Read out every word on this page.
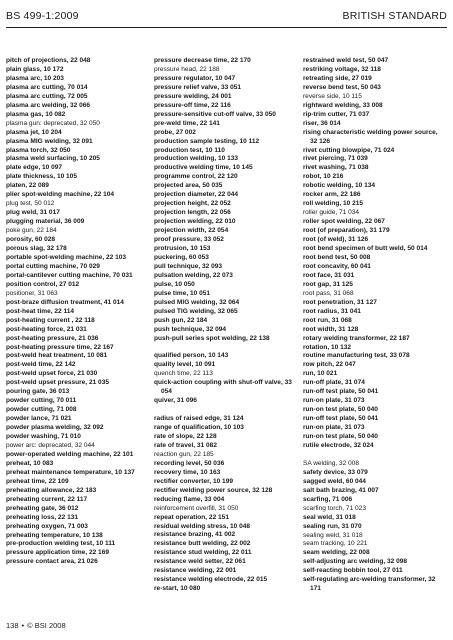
BS 499-1:2009	BRITISH STANDARD
pitch of projections, 22 048
plain glass, 10 172
plasma arc, 10 203
plasma arc cutting, 70 014
plasma arc cutting, 72 005
plasma arc welding, 32 066
plasma gas, 10 082
plasma gun: deprecated, 32 050
plasma jet, 10 204
plasma MIG welding, 32 091
plasma torch, 32 050
plasma weld surfacing, 10 205
plate edge, 10 097
plate thickness, 10 105
platen, 22 089
plier spot-welding machine, 22 104
plug test, 50 012
plug weld, 31 017
plugging material, 36 009
poke gun, 22 184
porosity, 60 028
porous slag, 32 178
portable spot-welding machine, 22 103
portal cutting machine, 70 029
portal-cantilever cutting machine, 70 031
position control, 27 012
positioner, 31 063
post-braze diffusion treatment, 41 014
post-heat time, 22 114
post-heating current , 22 118
post-heating force, 21 031
post-heating pressure, 21 036
post-heating pressure time, 22 167
post-weld heat treatment, 10 081
post-weld time, 22 142
post-weld upset force, 21 030
post-weld upset pressure, 21 035
pouring gate, 36 013
powder cutting, 70 011
powder cutting, 71 008
powder lance, 71 021
powder plasma welding, 32 092
powder washing, 71 010
power arc: deprecated, 32 044
power-operated welding machine, 22 101
preheat, 10 083
preheat maintenance temperature, 10 137
preheat time, 22 109
preheating allowance, 22 183
preheating current, 22 117
preheating gate, 36 012
preheating loss, 22 131
preheating oxygen, 71 003
preheating temperature, 10 138
pre-production welding test, 10 111
pressure application time, 22 169
pressure contact area, 21 026
pressure decrease time, 22 170
pressure head, 22 188
pressure regulator, 10 047
pressure relief valve, 33 051
pressure welding, 24 001
pressure-off time, 22 116
pressure-sensitive cut-off valve, 33 050
pre-weld time, 22 141
probe, 27 002
production sample testing, 10 112
production test, 10 110
production welding, 10 133
productive welding time, 10 145
programme control, 22 120
projected area, 50 035
projection diameter, 22 044
projection height, 22 052
projection length, 22 056
projection welding, 22 010
projection width, 22 054
proof pressure, 33 052
protrusion, 10 153
puckering, 60 053
pull technique, 32 093
pulsation welding, 22 073
pulse, 10 050
pulse time, 10 051
pulsed MIG welding, 32 064
pulsed TIG welding, 32 065
push gun, 22 184
push technique, 32 094
push-pull series spot welding, 22 138
qualified person, 10 143
quality level, 10 091
quench time, 22 113
quick-action coupling with shut-off valve, 33 054
quiver, 31 096
radius of raised edge, 31 124
range of qualification, 10 103
rate of slope, 22 128
rate of travel, 31 082
reaction gun, 22 185
recording level, 50 036
recovery time, 10 163
rectifier converter, 10 199
rectifier welding power source, 32 128
reducing flame, 33 004
reinforcement overfill, 31 050
repeat operation, 22 151
residual welding stress, 10 048
resistance brazing, 41 002
resistance butt welding, 22 002
resistance stud welding, 22 011
resistance weld setter, 22 061
resistance welding, 22 001
resistance welding electrode, 22 015
re-start, 10 080
restrained weld test, 50 047
restriking voltage, 32 118
retreating side, 27 019
reverse bend test, 50 043
reverse side, 10 115
rightward welding, 33 008
rip-trim cutter, 71 037
riser, 36 014
rising characteristic welding power source, 32 126
rivet cutting blowpipe, 71 024
rivet piercing, 71 039
rivet washing, 71 038
robot, 10 216
robotic welding, 10 134
rocker arm, 22 186
roll welding, 10 215
roller guide, 71 034
roller spot welding, 22 067
root (of preparation), 31 179
root (of weld), 31 126
root bend specimen of butt weld, 50 014
root bend test, 50 008
root concavity, 60 041
root face, 31 031
root gap, 31 125
root pass, 31 068
root penetration, 31 127
root radius, 31 041
root run, 31 068
root width, 31 128
rotary welding transformer, 22 187
rotation, 10 132
routine manufacturing test, 33 078
row pitch, 22 047
run, 10 021
run-off plate, 31 074
run-off test plate, 50 041
run-on plate, 31 073
run-on test plate, 50 040
run-off test plate, 50 041
run-on plate, 31 073
run-on test plate, 50 040
rutile electrode, 32 024
SA welding, 32 008
safety device, 33 079
sagged weld, 60 044
salt bath brazing, 41 007
scarfing, 71 006
scarfing torch, 71 023
seal weld, 31 018
sealing run, 31 070
sealing weld, 31 018
seam tracking, 10 221
seam welding, 22 008
self-adjusting arc welding, 32 098
self-reacting bobbin tool, 27 011
self-regulating arc-welding transformer, 32 171
138 • © BSI 2008
